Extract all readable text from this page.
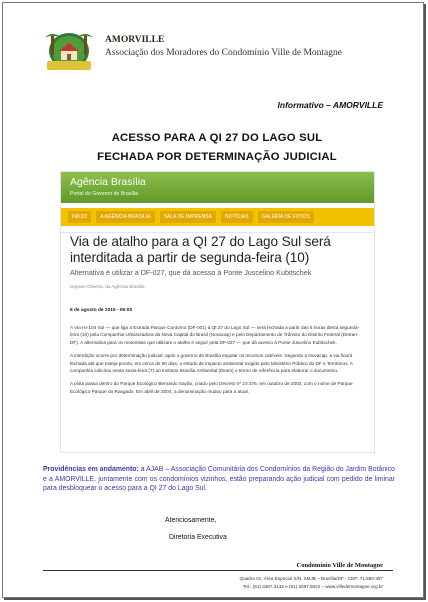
AMORVILLE
Associação dos Moradores do Condomínio Ville de Montagne
Informativo – AMORVILLE
ACESSO PARA A QI 27 DO LAGO SUL
FECHADA POR DETERMINAÇÃO JUDICIAL
Agência Brasília
Portal do Governo de Brasília
INÍCIO	A AGÊNCIA BRASÍLIA	SALA DE IMPRENSA	NOTÍCIAS	GALERIA DE FOTOS
Via de atalho para a QI 27 do Lago Sul será interditada a partir de segunda-feira (10)
Alternativa é utilizar a DF-027, que dá acesso à Ponte Juscelino Kubitschek
Dayane Oliveira, da Agência Brasília
8 de agosto de 2015 - 06:00

A Via HI-104 Sul — que liga a Estrada Parque Contorno (DF-001) à QI 27 do Lago Sul — será fechada a partir das 6 horas desta segunda-feira (10) pela Companhia Urbanizadora da Nova Capital do Brasil (Novacap) e pelo Departamento de Trânsito do Distrito Federal (Detran-DF). A alternativa para os motoristas que utilizam o atalho é seguir pela DF-027 — que dá acesso à Ponte Juscelino Kubitschek.

A interdição ocorre por determinação judicial, após o governo de Brasília esgotar os recursos cabíveis. Segundo a Novacap, a via ficará fechada até que esteja pronto, em cerca de 90 dias, o estudo de impacto ambiental exigido pelo Ministério Público do DF e Territórios. A companhia solicitou nesta sexta-feira (7) ao Instituto Brasília Ambiental (Ibram) o termo de referência para elaborar o documento.

A pista passa dentro do Parque Ecológico Bernardo Sayão, criado pelo Decreto nº 23.376, em outubro de 2002, com o nome de Parque Ecológico Parque do Rasgado. Em abril de 2004, a denominação mudou para a atual.

Providências em andamento: a AJAB – Associação Comunitária dos Condomínios da Região do Jardim Botânico e a AMORVILLE, juntamente com os condomínios vizinhos, estão preparando ação judicial com pedido de liminar para desbloquear o acesso para a QI 27 do Lago Sul.
Atenciosamente,
Diretoria Executiva
Condomínio Ville de Montagne
Quadra 01, Área Especial S/N, SMJB – Brasília/DF - CEP: 71.680-357
Tel.: (61) 3367.3132 e (61) 3367.5822 – www.villedemontagne.org.br
